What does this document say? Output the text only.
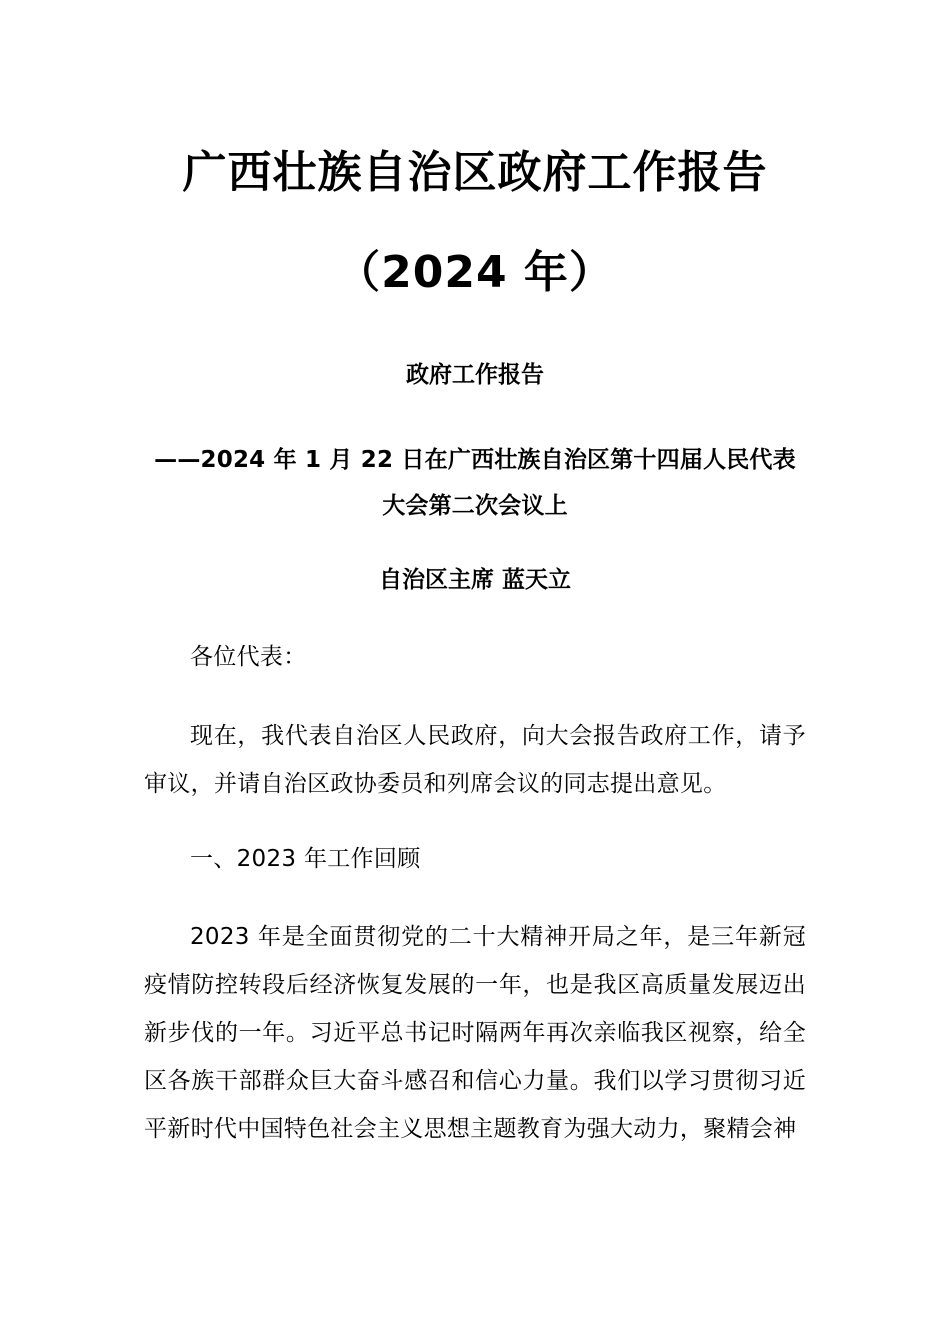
广西壮族自治区政府工作报告
（2024 年）
政府工作报告
——2024 年 1 月 22 日在广西壮族自治区第十四届人民代表大会第二次会议上
自治区主席 蓝天立
各位代表：
现在，我代表自治区人民政府，向大会报告政府工作，请予审议，并请自治区政协委员和列席会议的同志提出意见。
一、2023 年工作回顾
2023 年是全面贯彻党的二十大精神开局之年，是三年新冠疫情防控转段后经济恢复发展的一年，也是我区高质量发展迈出新步伐的一年。习近平总书记时隔两年再次亲临我区视察，给全区各族干部群众巨大奋斗感召和信心力量。我们以学习贯彻习近平新时代中国特色社会主义思想主题教育为强大动力，聚精会神
